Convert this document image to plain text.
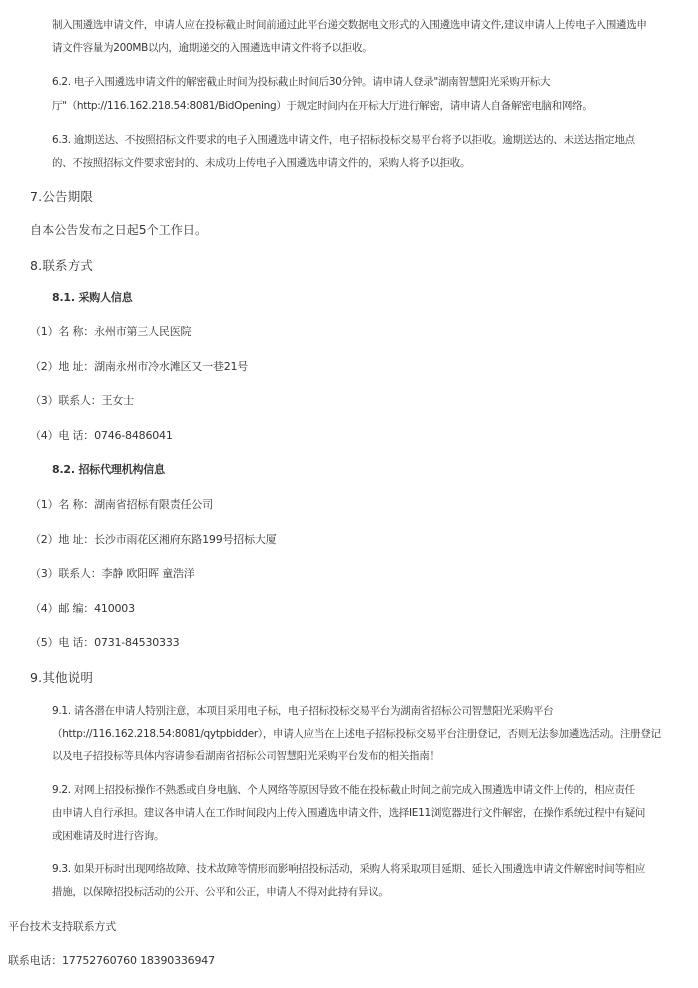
制入围遴选申请文件，申请人应在投标截止时间前通过此平台递交数据电文形式的入围遴选申请文件,建议申请人上传电子入围遴选申
请文件容量为200MB以内，逾期递交的入围遴选申请文件将予以拒收。
6.2. 电子入围遴选申请文件的解密截止时间为投标截止时间后30分钟。请申请人登录"湖南智慧阳光采购开标大
厅"（http://116.162.218.54:8081/BidOpening）于规定时间内在开标大厅进行解密，请申请人自备解密电脑和网络。
6.3. 逾期送达、不按照招标文件要求的电子入围遴选申请文件，电子招标投标交易平台将予以拒收。逾期送达的、未送达指定地点
的、不按照招标文件要求密封的、未成功上传电子入围遴选申请文件的，采购人将予以拒收。
7.公告期限
自本公告发布之日起5个工作日。
8.联系方式
8.1. 采购人信息
（1）名 称：永州市第三人民医院
（2）地 址：湖南永州市冷水滩区又一巷21号
（3）联系人：王女士
（4）电 话：0746-8486041
8.2. 招标代理机构信息
（1）名 称：湖南省招标有限责任公司
（2）地 址：长沙市雨花区湘府东路199号招标大厦
（3）联系人：李静 欧阳晖 童浩洋
（4）邮 编：410003
（5）电 话：0731-84530333
9.其他说明
9.1. 请各潜在申请人特别注意，本项目采用电子标，电子招标投标交易平台为湖南省招标公司智慧阳光采购平台
（http://116.162.218.54:8081/qytpbidder），申请人应当在上述电子招标投标交易平台注册登记，否则无法参加遴选活动。注册登记
以及电子招投标等具体内容请参看湖南省招标公司智慧阳光采购平台发布的相关指南！
9.2. 对网上招投标操作不熟悉或自身电脑、个人网络等原因导致不能在投标截止时间之前完成入围遴选申请文件上传的，相应责任
由申请人自行承担。建议各申请人在工作时间段内上传入围遴选申请文件，选择IE11浏览器进行文件解密，在操作系统过程中有疑问
或困难请及时进行咨询。
9.3. 如果开标时出现网络故障、技术故障等情形而影响招投标活动，采购人将采取项目延期、延长入围遴选申请文件解密时间等相应
措施，以保障招投标活动的公开、公平和公正，申请人不得对此持有异议。
平台技术支持联系方式
联系电话：17752760760 18390336947
